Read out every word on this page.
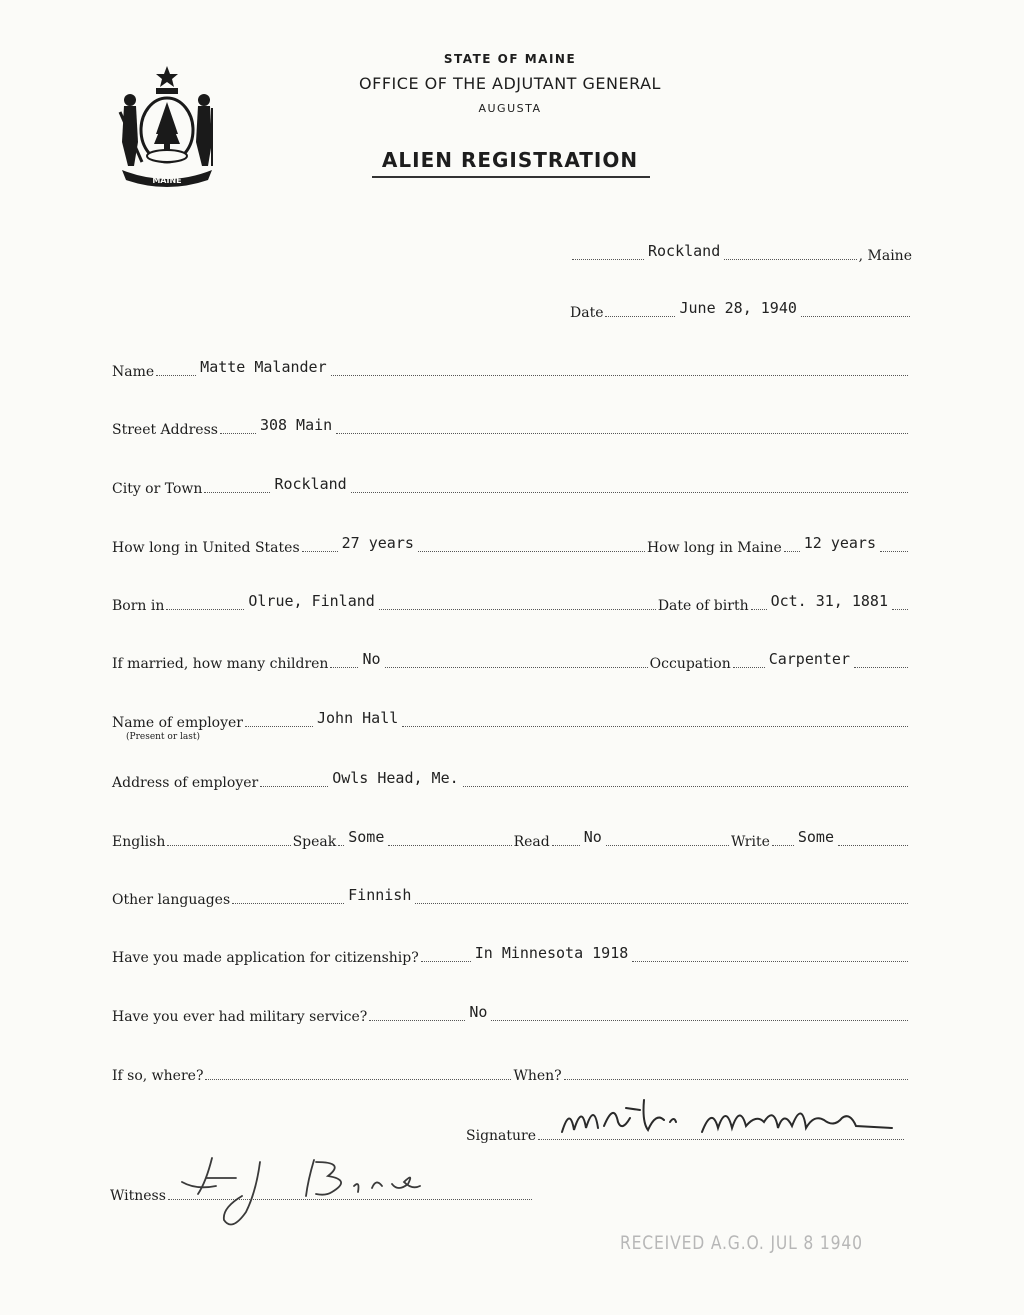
MAINE
STATE OF MAINE
OFFICE OF THE ADJUTANT GENERAL
AUGUSTA
ALIEN REGISTRATION
Rockland	, Maine
Date	June 28, 1940
Name	Matte Malander
Street Address	308 Main
City or Town	Rockland
How long in United States	27 years	How long in Maine 12 years
Born in	Olrue, Finland	Date of birth Oct. 31, 1881
If married, how many children No	Occupation	Carpenter
Name of employer	John Hall
(Present or last)
Address of employer	Owls Head, Me.
English	Speak Some	Read No	Write Some
Other languages	Finnish
Have you made application for citizenship?	In Minnesota 1918
Have you ever had military service?	No
If so, where?	When?
Signature
Witness
RECEIVED A.G.O. JUL 8 1940
